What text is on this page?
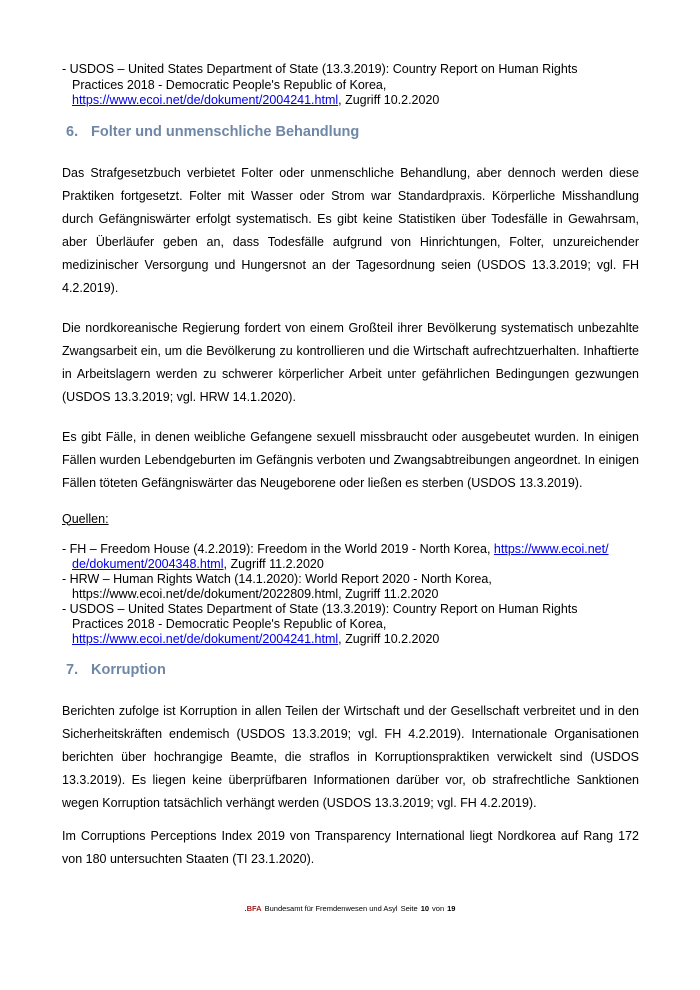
- USDOS – United States Department of State (13.3.2019): Country Report on Human Rights
Practices 2018 - Democratic People's Republic of Korea,
https://www.ecoi.net/de/dokument/2004241.html, Zugriff 10.2.2020
6. Folter und unmenschliche Behandlung

Das Strafgesetzbuch verbietet Folter oder unmenschliche Behandlung, aber dennoch werden diese Praktiken fortgesetzt. Folter mit Wasser oder Strom war Standardpraxis. Körperliche Misshandlung durch Gefängniswärter erfolgt systematisch. Es gibt keine Statistiken über Todesfälle in Gewahrsam, aber Überläufer geben an, dass Todesfälle aufgrund von Hinrichtungen, Folter, unzureichender medizinischer Versorgung und Hungersnot an der Tagesordnung seien (USDOS 13.3.2019; vgl. FH 4.2.2019).

Die nordkoreanische Regierung fordert von einem Großteil ihrer Bevölkerung systematisch unbezahlte Zwangsarbeit ein, um die Bevölkerung zu kontrollieren und die Wirtschaft aufrechtzuerhalten. Inhaftierte in Arbeitslagern werden zu schwerer körperlicher Arbeit unter gefährlichen Bedingungen gezwungen (USDOS 13.3.2019; vgl. HRW 14.1.2020).

Es gibt Fälle, in denen weibliche Gefangene sexuell missbraucht oder ausgebeutet wurden. In einigen Fällen wurden Lebendgeburten im Gefängnis verboten und Zwangsabtreibungen angeordnet. In einigen Fällen töteten Gefängniswärter das Neugeborene oder ließen es sterben (USDOS 13.3.2019).

Quellen:
- FH – Freedom House (4.2.2019): Freedom in the World 2019 - North Korea, https://www.ecoi.net/
de/dokument/2004348.html, Zugriff 11.2.2020
- HRW – Human Rights Watch (14.1.2020): World Report 2020 - North Korea,
https://www.ecoi.net/de/dokument/2022809.html, Zugriff 11.2.2020
- USDOS – United States Department of State (13.3.2019): Country Report on Human Rights
Practices 2018 - Democratic People's Republic of Korea,
https://www.ecoi.net/de/dokument/2004241.html, Zugriff 10.2.2020
7. Korruption

Berichten zufolge ist Korruption in allen Teilen der Wirtschaft und der Gesellschaft verbreitet und in den Sicherheitskräften endemisch (USDOS 13.3.2019; vgl. FH 4.2.2019). Internationale Organisationen berichten über hochrangige Beamte, die straflos in Korruptionspraktiken verwickelt sind (USDOS 13.3.2019). Es liegen keine überprüfbaren Informationen darüber vor, ob strafrechtliche Sanktionen wegen Korruption tatsächlich verhängt werden (USDOS 13.3.2019; vgl. FH 4.2.2019).

Im Corruptions Perceptions Index 2019 von Transparency International liegt Nordkorea auf Rang 172 von 180 untersuchten Staaten (TI 23.1.2020).

.BFA Bundesamt für Fremdenwesen und Asyl Seite 10 von 19
